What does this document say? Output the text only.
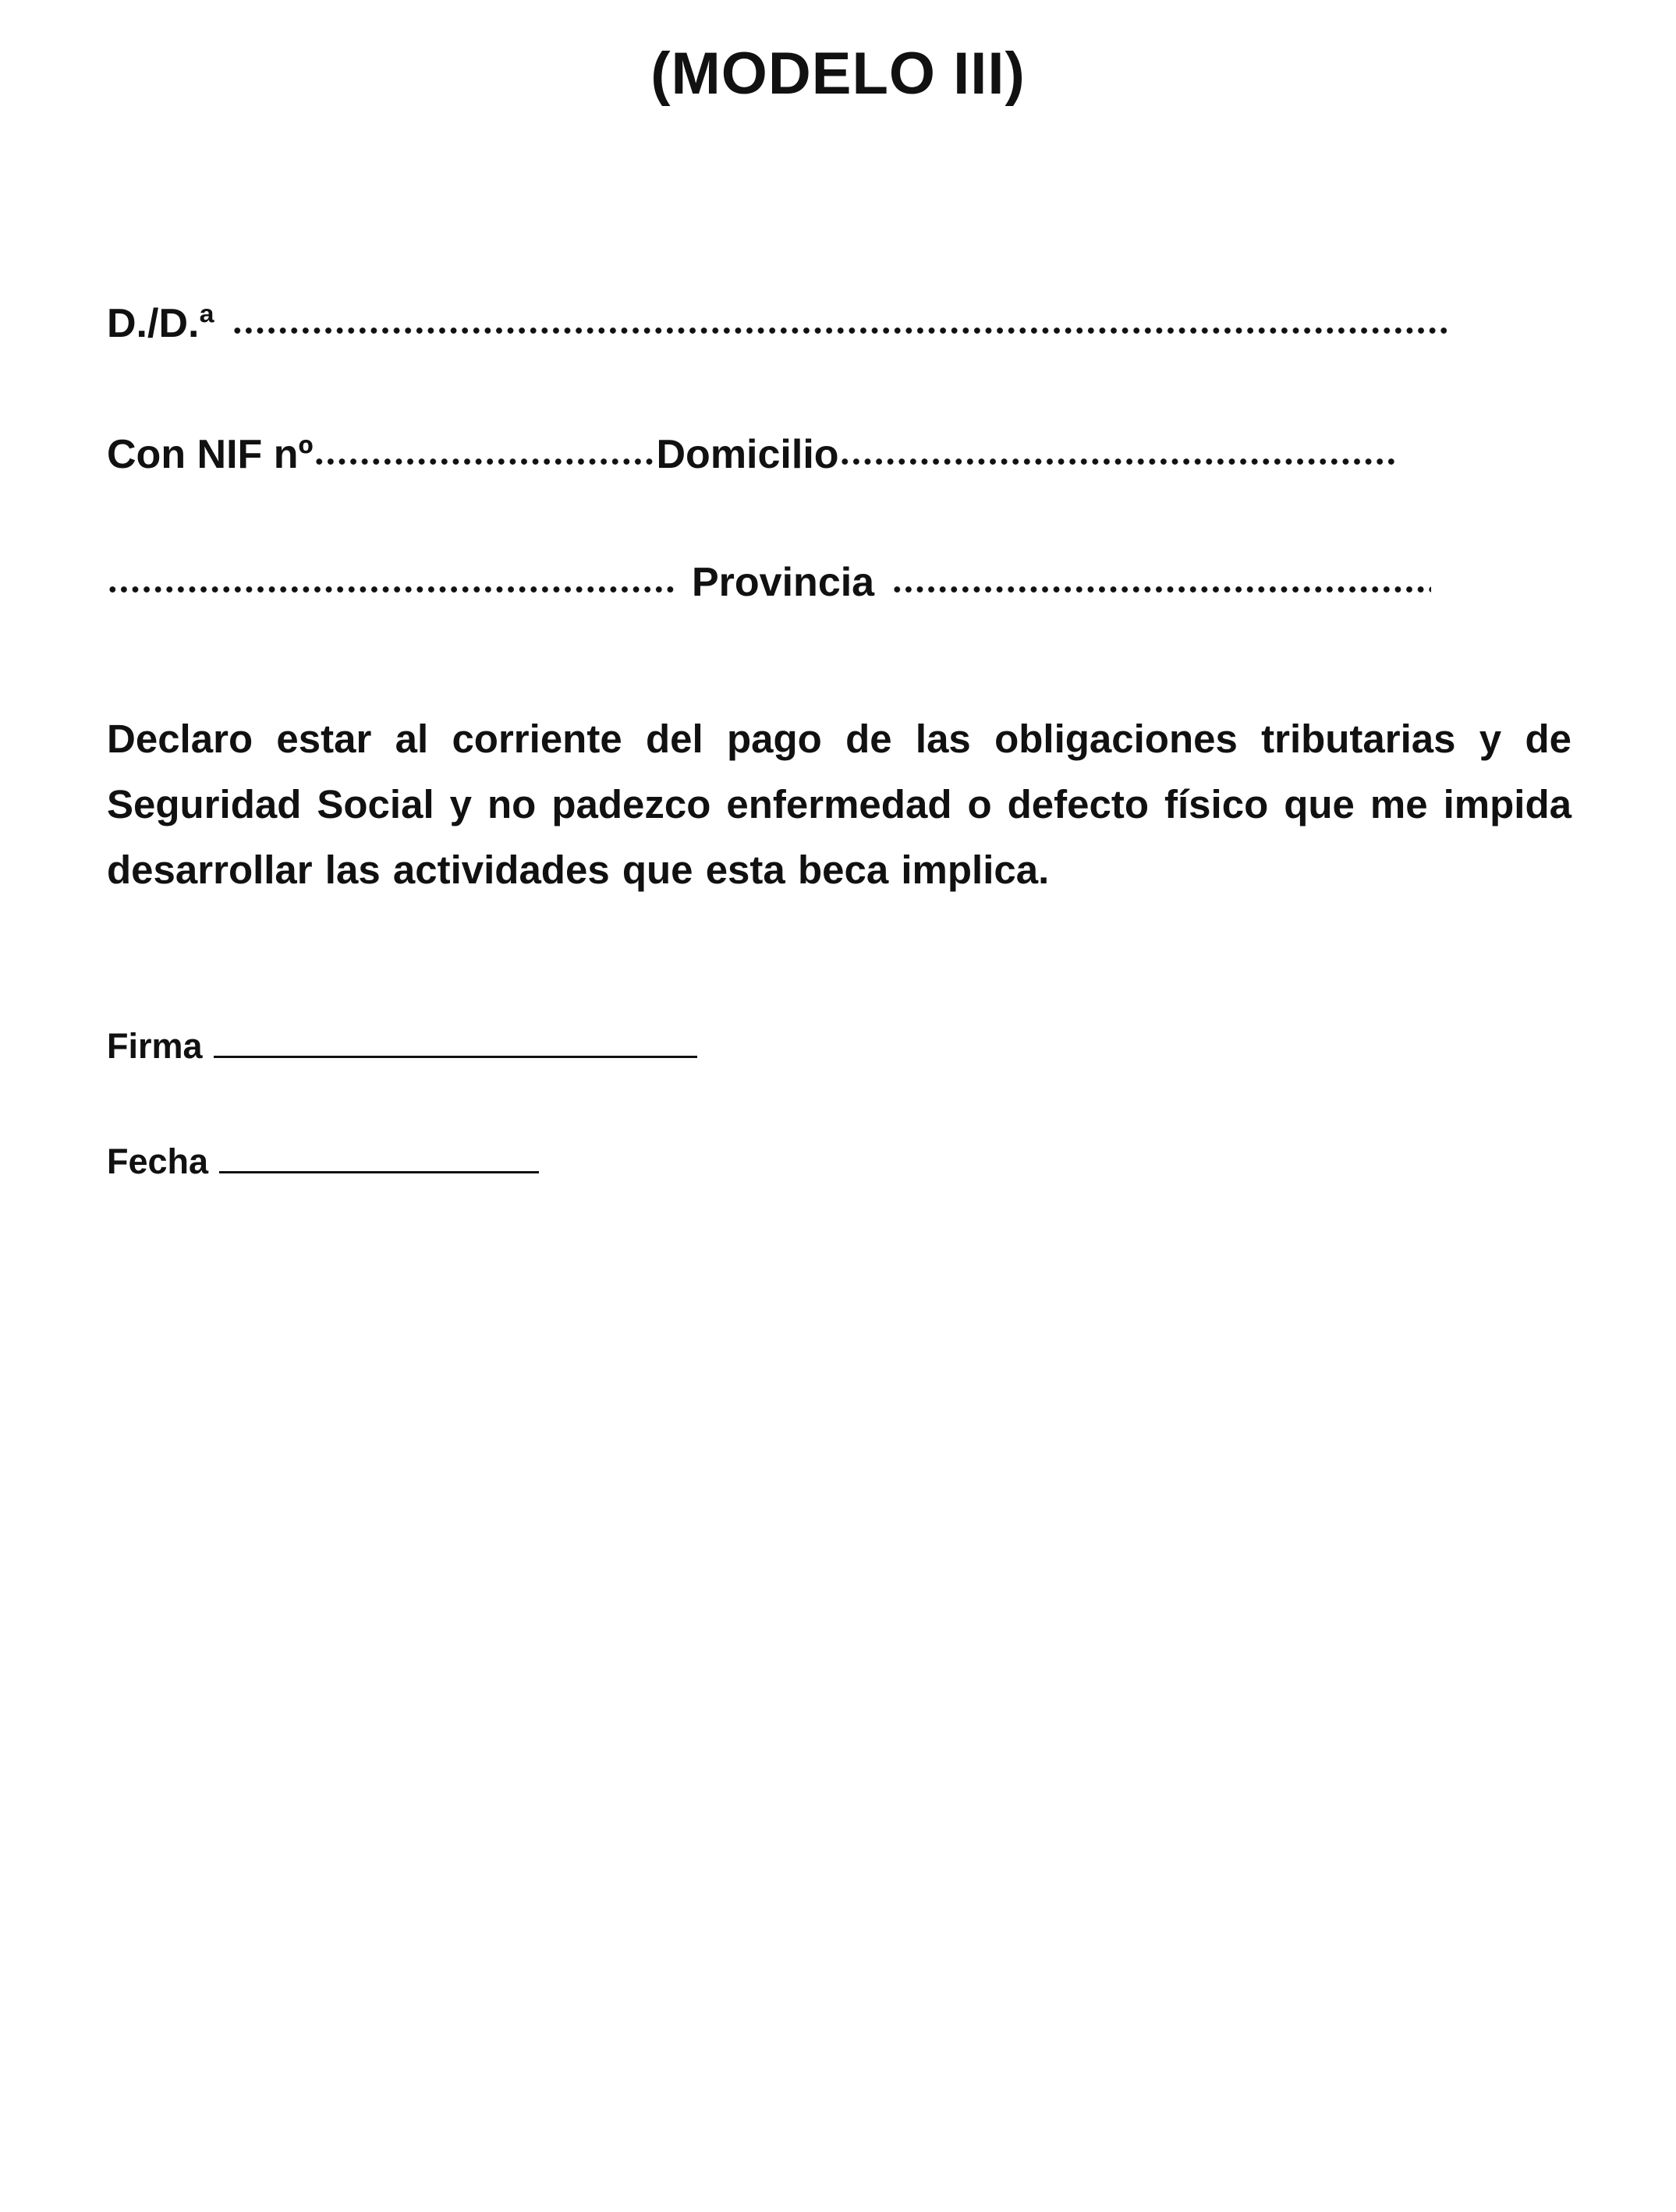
(MODELO III)
D./D.ª
Con NIF nº	Domicilio
Provincia
Declaro estar al corriente del pago de las obligaciones tributarias y de Seguridad Social y no padezco enfermedad o defecto físico que me impida desarrollar las actividades que esta beca implica.
Firma
Fecha
